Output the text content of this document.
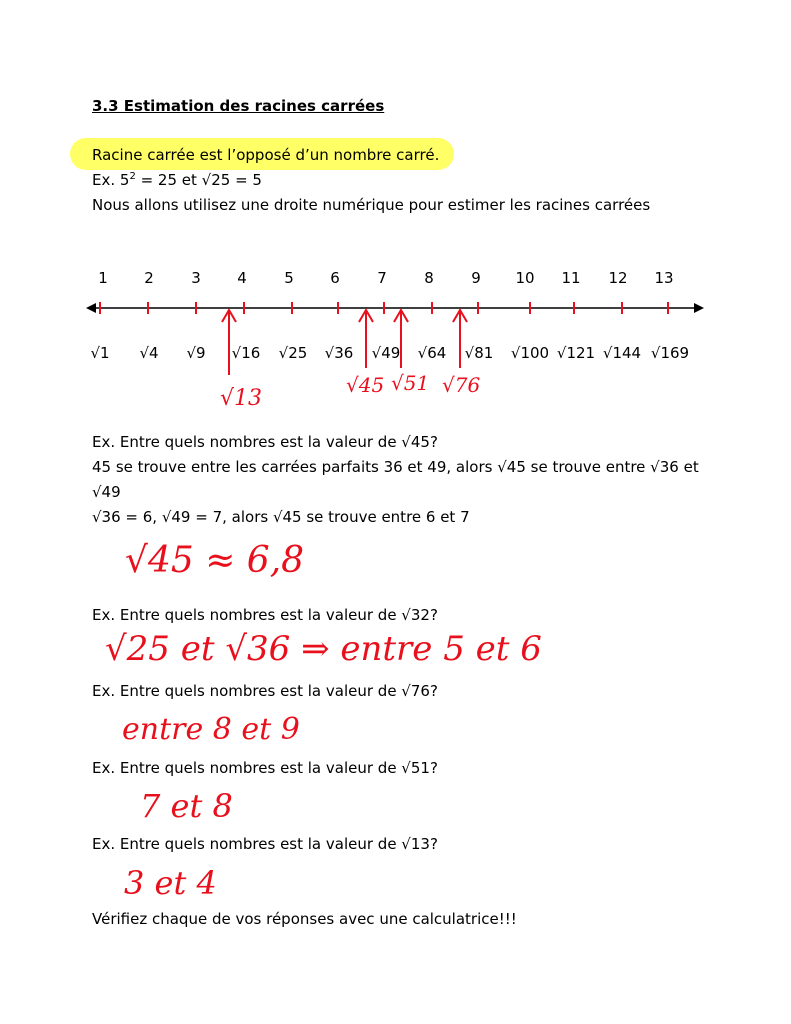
3.3 Estimation des racines carrées
Racine carrée est l’opposé d’un nombre carré.
Ex. $5^2 = 25$ et √25 = 5
Nous allons utilisez une droite numérique pour estimer les racines carrées
1 2 3 4 5 6 7 8 9 10 11 12 13
√1 √4 √9 √16 √25 √36 √49 √64 √81 √100 √121 √144 √169
√13
√45 √51 √76
Ex. Entre quels nombres est la valeur de √45?
45 se trouve entre les carrées parfaits 36 et 49, alors √45 se trouve entre √36 et
√49
√36 = 6, √49 = 7, alors √45 se trouve entre 6 et 7
√45 ≈ 6,8
Ex. Entre quels nombres est la valeur de √32?
√25 et √36 ⇒ entre 5 et 6
Ex. Entre quels nombres est la valeur de √76?
entre 8 et 9
Ex. Entre quels nombres est la valeur de √51?
7 et 8
Ex. Entre quels nombres est la valeur de √13?
3 et 4
Vérifiez chaque de vos réponses avec une calculatrice!!!
